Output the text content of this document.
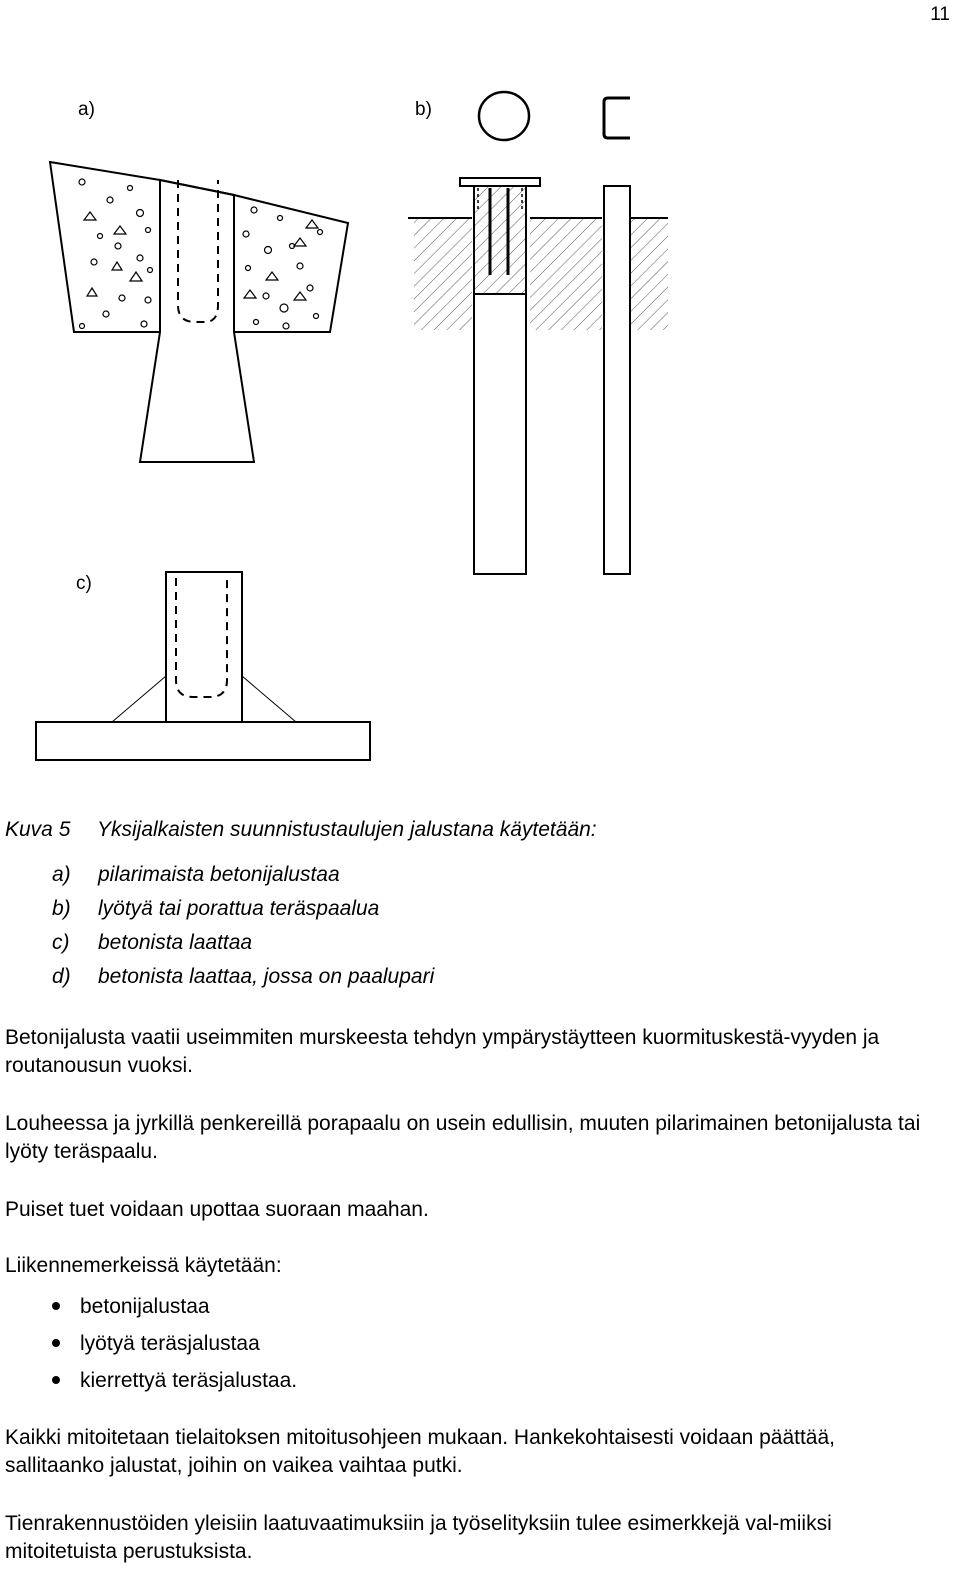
11
a)	b)
c)
Kuva 5 Yksijalkaisten suunnistustaulujen jalustana käytetään:
a) pilarimaista betonijalustaa
b) lyötyä tai porattua teräspaalua
c) betonista laattaa
d) betonista laattaa, jossa on paalupari

Betonijalusta vaatii useimmiten murskeesta tehdyn ympärystäytteen kuormituskestä-vyyden ja routanousun vuoksi.

Louheessa ja jyrkillä penkereillä porapaalu on usein edullisin, muuten pilarimainen betonijalusta tai lyöty teräspaalu.

Puiset tuet voidaan upottaa suoraan maahan.

Liikennemerkeissä käytetään:

betonijalustaa
lyötyä teräsjalustaa
kierrettyä teräsjalustaa.

Kaikki mitoitetaan tielaitoksen mitoitusohjeen mukaan. Hankekohtaisesti voidaan päättää, sallitaanko jalustat, joihin on vaikea vaihtaa putki.

Tienrakennustöiden yleisiin laatuvaatimuksiin ja työselityksiin tulee esimerkkejä val-miiksi mitoitetuista perustuksista.
